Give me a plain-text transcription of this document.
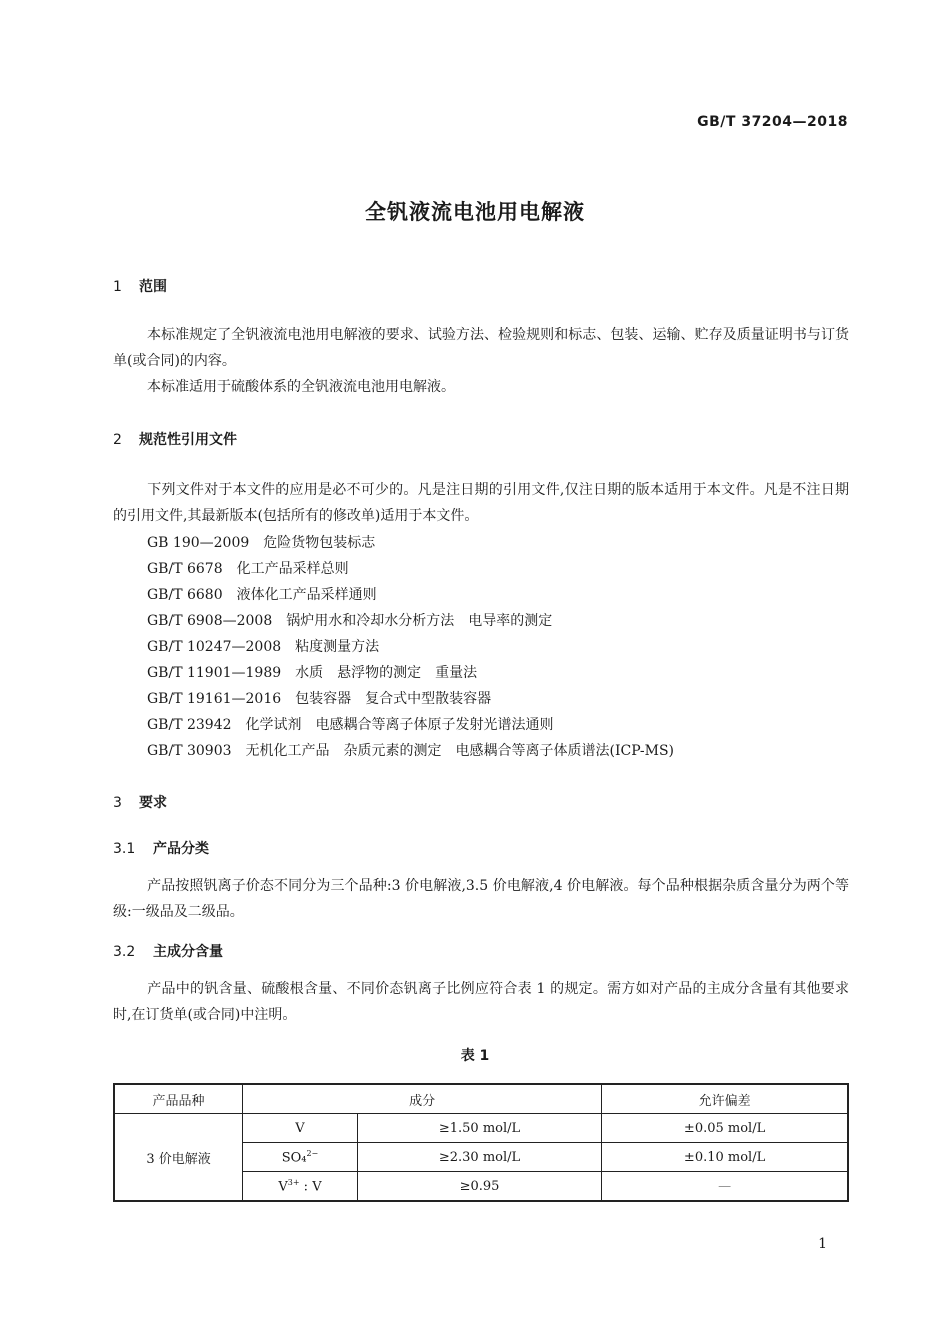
GB/T 37204—2018
全钒液流电池用电解液
1 范围
本标准规定了全钒液流电池用电解液的要求、试验方法、检验规则和标志、包装、运输、贮存及质量证明书与订货单(或合同)的内容。
本标准适用于硫酸体系的全钒液流电池用电解液。
2 规范性引用文件
下列文件对于本文件的应用是必不可少的。凡是注日期的引用文件,仅注日期的版本适用于本文件。凡是不注日期的引用文件,其最新版本(包括所有的修改单)适用于本文件。
GB 190—2009 危险货物包装标志
GB/T 6678 化工产品采样总则
GB/T 6680 液体化工产品采样通则
GB/T 6908—2008 锅炉用水和冷却水分析方法 电导率的测定
GB/T 10247—2008 粘度测量方法
GB/T 11901—1989 水质 悬浮物的测定 重量法
GB/T 19161—2016 包装容器 复合式中型散装容器
GB/T 23942 化学试剂 电感耦合等离子体原子发射光谱法通则
GB/T 30903 无机化工产品 杂质元素的测定 电感耦合等离子体质谱法(ICP-MS)
3 要求
3.1 产品分类
产品按照钒离子价态不同分为三个品种:3 价电解液,3.5 价电解液,4 价电解液。每个品种根据杂质含量分为两个等级:一级品及二级品。
3.2 主成分含量
产品中的钒含量、硫酸根含量、不同价态钒离子比例应符合表 1 的规定。需方如对产品的主成分含量有其他要求时,在订货单(或合同)中注明。
表 1
产品品种	成分		允许偏差
3 价电解液	V	≥1.50 mol/L	±0.05 mol/L
	SO₄$^{2-}$	≥2.30 mol/L	±0.10 mol/L
	$V^{3+}$ : V	≥0.95	—
1
